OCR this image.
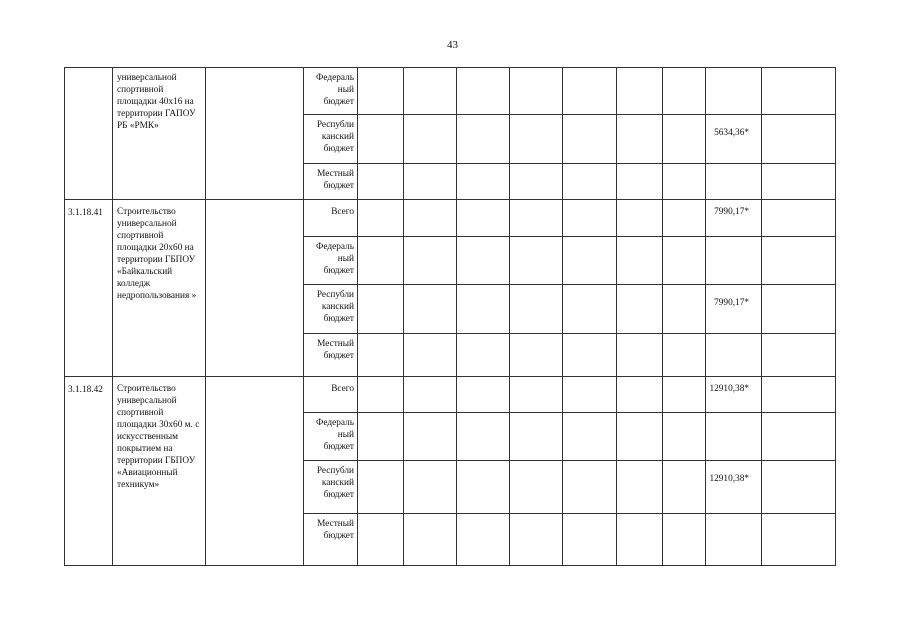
43
	универсальной спортивной площадки 40x16 на территории ГАПОУ РБ «РМК»		Федераль ный бюджет									
			Республи канский бюджет								5634,36*	
			Местный бюджет									
3.1.18.41	Строительство универсальной спортивной площадки 20x60 на территории ГБПОУ «Байкальский колледж недропользования »		Всего								7990,17*	
			Федераль ный бюджет									
			Республи канский бюджет								7990,17*	
			Местный бюджет									
3.1.18.42	Строительство универсальной спортивной площадки 30x60 м. с искусственным покрытием на территории ГБПОУ «Авиационный техникум»		Всего								12910,38*	
			Федераль ный бюджет									
			Республи канский бюджет								12910,38*	
			Местный бюджет									
